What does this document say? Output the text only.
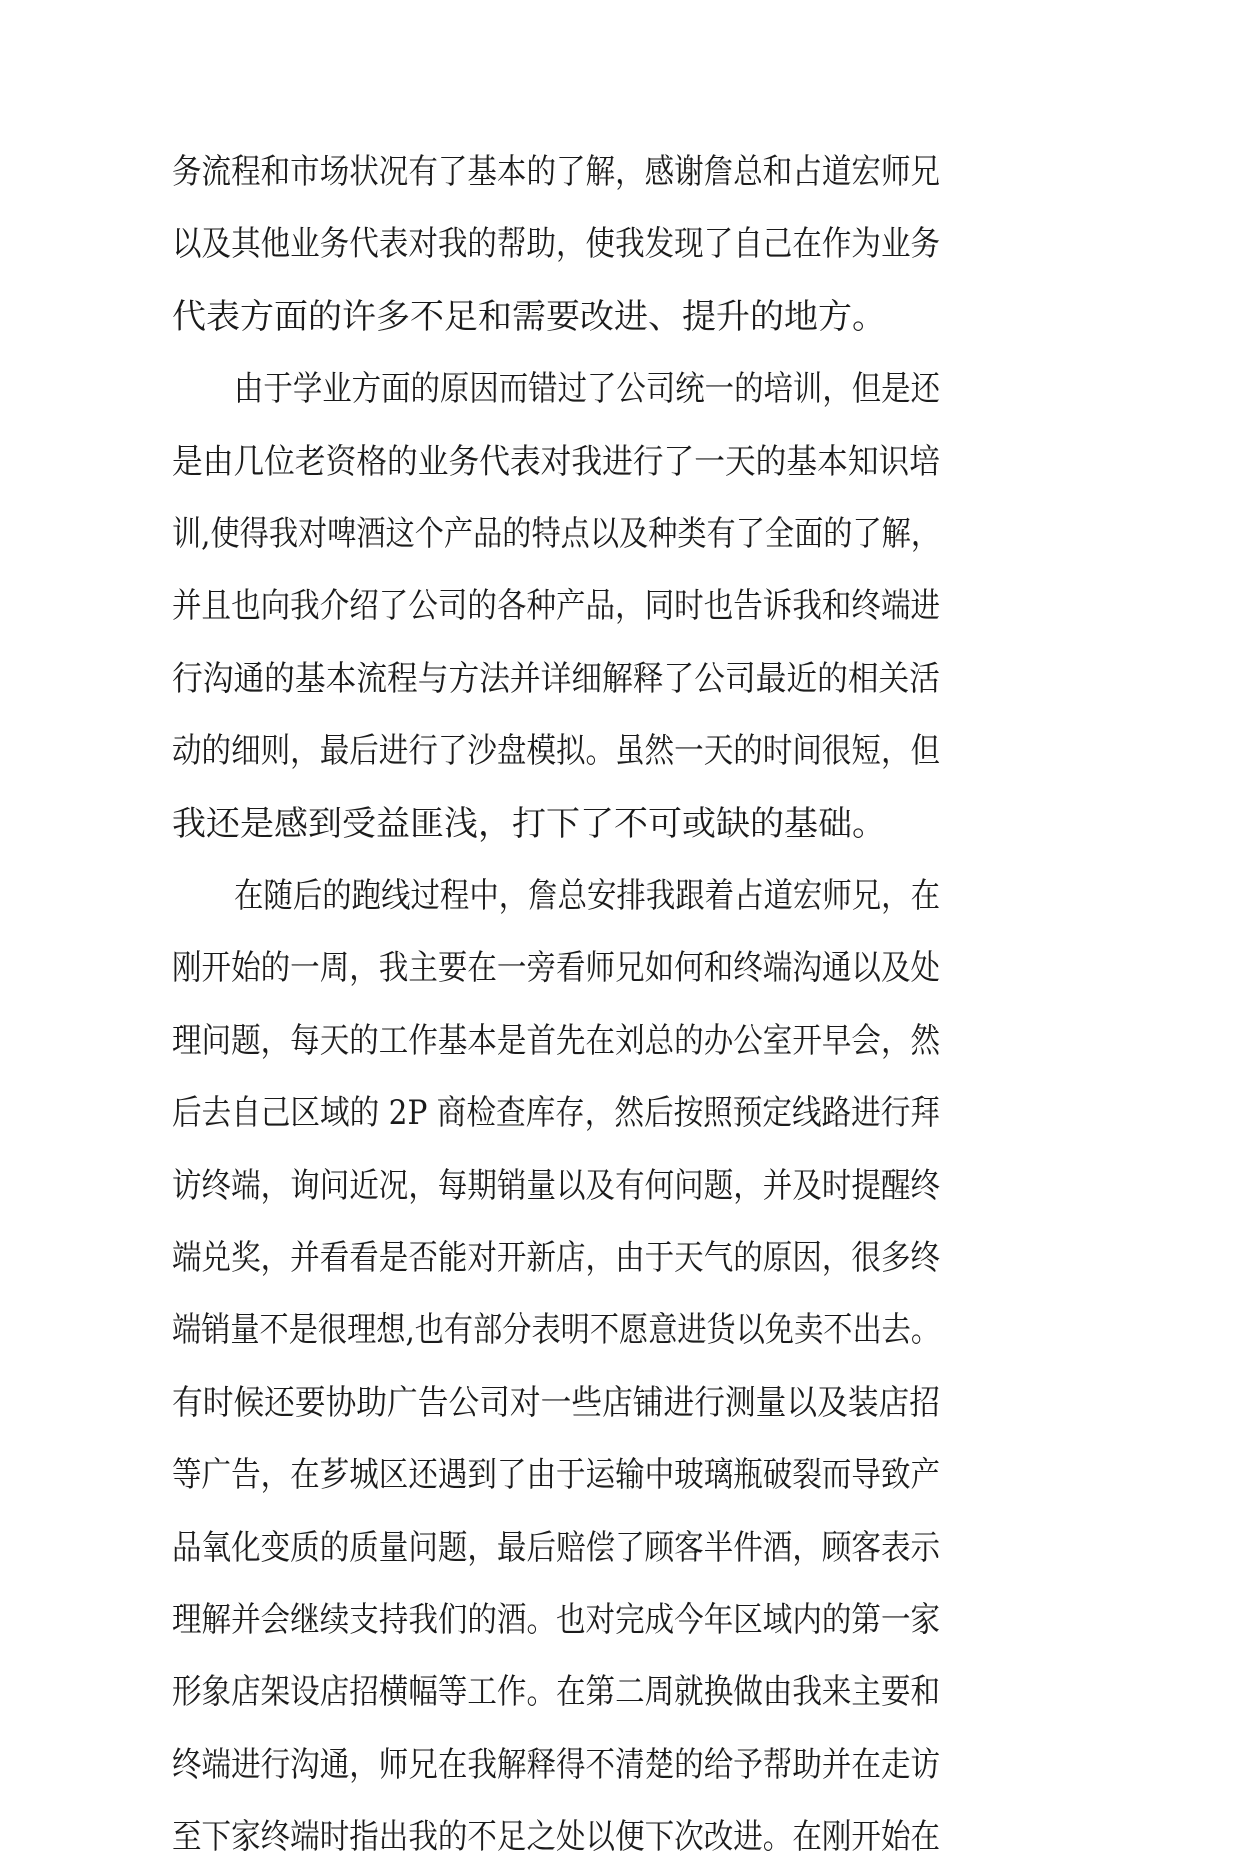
务流程和市场状况有了基本的了解，感谢詹总和占道宏师兄
以及其他业务代表对我的帮助，使我发现了自己在作为业务
代表方面的许多不足和需要改进、提升的地方。
由于学业方面的原因而错过了公司统一的培训，但是还
是由几位老资格的业务代表对我进行了一天的基本知识培
训,使得我对啤酒这个产品的特点以及种类有了全面的了解，
并且也向我介绍了公司的各种产品，同时也告诉我和终端进
行沟通的基本流程与方法并详细解释了公司最近的相关活
动的细则，最后进行了沙盘模拟。虽然一天的时间很短，但
我还是感到受益匪浅，打下了不可或缺的基础。
在随后的跑线过程中，詹总安排我跟着占道宏师兄，在
刚开始的一周，我主要在一旁看师兄如何和终端沟通以及处
理问题，每天的工作基本是首先在刘总的办公室开早会，然
后去自己区域的 2P 商检查库存，然后按照预定线路进行拜
访终端，询问近况，每期销量以及有何问题，并及时提醒终
端兑奖，并看看是否能对开新店，由于天气的原因，很多终
端销量不是很理想,也有部分表明不愿意进货以免卖不出去。
有时候还要协助广告公司对一些店铺进行测量以及装店招
等广告，在芗城区还遇到了由于运输中玻璃瓶破裂而导致产
品氧化变质的质量问题，最后赔偿了顾客半件酒，顾客表示
理解并会继续支持我们的酒。也对完成今年区域内的第一家
形象店架设店招横幅等工作。在第二周就换做由我来主要和
终端进行沟通，师兄在我解释得不清楚的给予帮助并在走访
至下家终端时指出我的不足之处以便下次改进。在刚开始在
